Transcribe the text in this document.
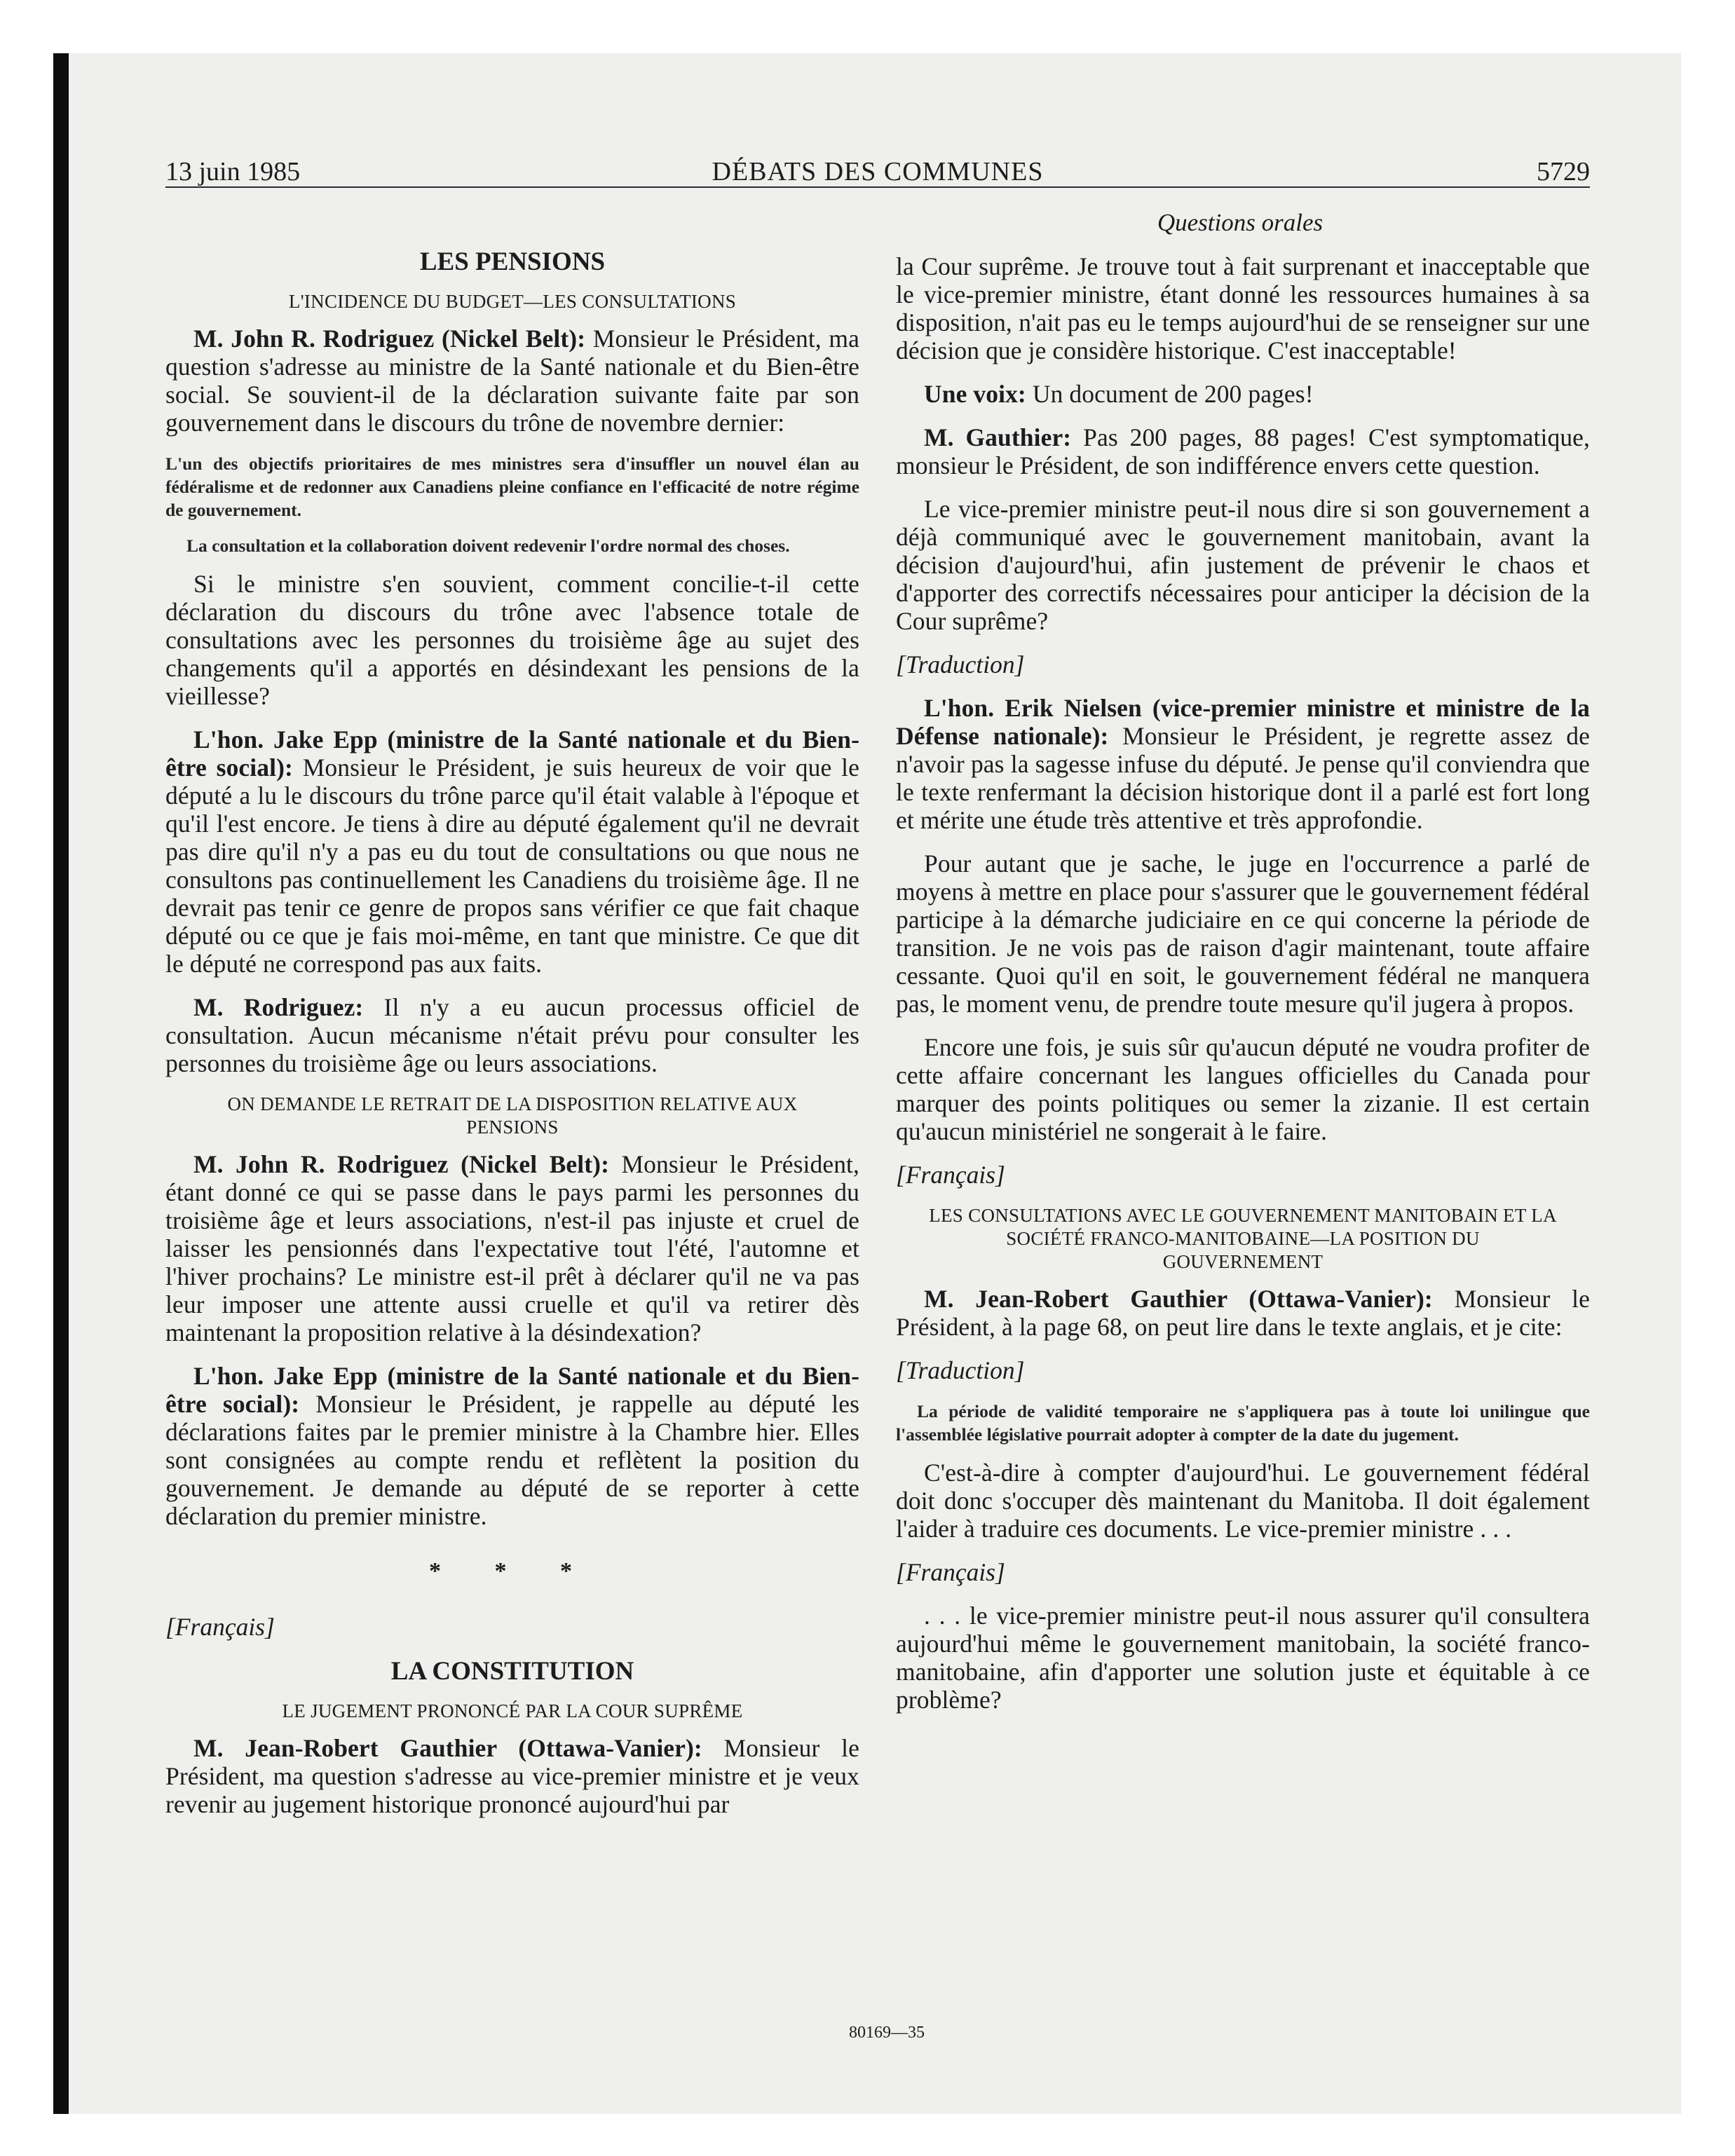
13 juin 1985	DÉBATS DES COMMUNES	5729
Questions orales
LES PENSIONS
L'INCIDENCE DU BUDGET—LES CONSULTATIONS

M. John R. Rodriguez (Nickel Belt): Monsieur le Président, ma question s'adresse au ministre de la Santé nationale et du Bien-être social. Se souvient-il de la déclaration suivante faite par son gouvernement dans le discours du trône de novembre dernier:

L'un des objectifs prioritaires de mes ministres sera d'insuffler un nouvel élan au fédéralisme et de redonner aux Canadiens pleine confiance en l'efficacité de notre régime de gouvernement.

La consultation et la collaboration doivent redevenir l'ordre normal des choses.

Si le ministre s'en souvient, comment concilie-t-il cette déclaration du discours du trône avec l'absence totale de consultations avec les personnes du troisième âge au sujet des changements qu'il a apportés en désindexant les pensions de la vieillesse?

L'hon. Jake Epp (ministre de la Santé nationale et du Bien-être social): Monsieur le Président, je suis heureux de voir que le député a lu le discours du trône parce qu'il était valable à l'époque et qu'il l'est encore. Je tiens à dire au député également qu'il ne devrait pas dire qu'il n'y a pas eu du tout de consultations ou que nous ne consultons pas continuellement les Canadiens du troisième âge. Il ne devrait pas tenir ce genre de propos sans vérifier ce que fait chaque député ou ce que je fais moi-même, en tant que ministre. Ce que dit le député ne correspond pas aux faits.

M. Rodriguez: Il n'y a eu aucun processus officiel de consultation. Aucun mécanisme n'était prévu pour consulter les personnes du troisième âge ou leurs associations.

ON DEMANDE LE RETRAIT DE LA DISPOSITION RELATIVE AUX PENSIONS

M. John R. Rodriguez (Nickel Belt): Monsieur le Président, étant donné ce qui se passe dans le pays parmi les personnes du troisième âge et leurs associations, n'est-il pas injuste et cruel de laisser les pensionnés dans l'expectative tout l'été, l'automne et l'hiver prochains? Le ministre est-il prêt à déclarer qu'il ne va pas leur imposer une attente aussi cruelle et qu'il va retirer dès maintenant la proposition relative à la désindexation?

L'hon. Jake Epp (ministre de la Santé nationale et du Bien-être social): Monsieur le Président, je rappelle au député les déclarations faites par le premier ministre à la Chambre hier. Elles sont consignées au compte rendu et reflètent la position du gouvernement. Je demande au député de se reporter à cette déclaration du premier ministre.

* * *
[Français]
LA CONSTITUTION
LE JUGEMENT PRONONCÉ PAR LA COUR SUPRÊME

M. Jean-Robert Gauthier (Ottawa-Vanier): Monsieur le Président, ma question s'adresse au vice-premier ministre et je veux revenir au jugement historique prononcé aujourd'hui par

la Cour suprême. Je trouve tout à fait surprenant et inacceptable que le vice-premier ministre, étant donné les ressources humaines à sa disposition, n'ait pas eu le temps aujourd'hui de se renseigner sur une décision que je considère historique. C'est inacceptable!

Une voix: Un document de 200 pages!

M. Gauthier: Pas 200 pages, 88 pages! C'est symptomatique, monsieur le Président, de son indifférence envers cette question.

Le vice-premier ministre peut-il nous dire si son gouvernement a déjà communiqué avec le gouvernement manitobain, avant la décision d'aujourd'hui, afin justement de prévenir le chaos et d'apporter des correctifs nécessaires pour anticiper la décision de la Cour suprême?

[Traduction]

L'hon. Erik Nielsen (vice-premier ministre et ministre de la Défense nationale): Monsieur le Président, je regrette assez de n'avoir pas la sagesse infuse du député. Je pense qu'il conviendra que le texte renfermant la décision historique dont il a parlé est fort long et mérite une étude très attentive et très approfondie.

Pour autant que je sache, le juge en l'occurrence a parlé de moyens à mettre en place pour s'assurer que le gouvernement fédéral participe à la démarche judiciaire en ce qui concerne la période de transition. Je ne vois pas de raison d'agir maintenant, toute affaire cessante. Quoi qu'il en soit, le gouvernement fédéral ne manquera pas, le moment venu, de prendre toute mesure qu'il jugera à propos.

Encore une fois, je suis sûr qu'aucun député ne voudra profiter de cette affaire concernant les langues officielles du Canada pour marquer des points politiques ou semer la zizanie. Il est certain qu'aucun ministériel ne songerait à le faire.

[Français]
LES CONSULTATIONS AVEC LE GOUVERNEMENT MANITOBAIN ET LA SOCIÉTÉ FRANCO-MANITOBAINE—LA POSITION DU GOUVERNEMENT

M. Jean-Robert Gauthier (Ottawa-Vanier): Monsieur le Président, à la page 68, on peut lire dans le texte anglais, et je cite:

[Traduction]

La période de validité temporaire ne s'appliquera pas à toute loi unilingue que l'assemblée législative pourrait adopter à compter de la date du jugement.

C'est-à-dire à compter d'aujourd'hui. Le gouvernement fédéral doit donc s'occuper dès maintenant du Manitoba. Il doit également l'aider à traduire ces documents. Le vice-premier ministre . . .

[Français]

. . . le vice-premier ministre peut-il nous assurer qu'il consultera aujourd'hui même le gouvernement manitobain, la société franco-manitobaine, afin d'apporter une solution juste et équitable à ce problème?

80169—35
